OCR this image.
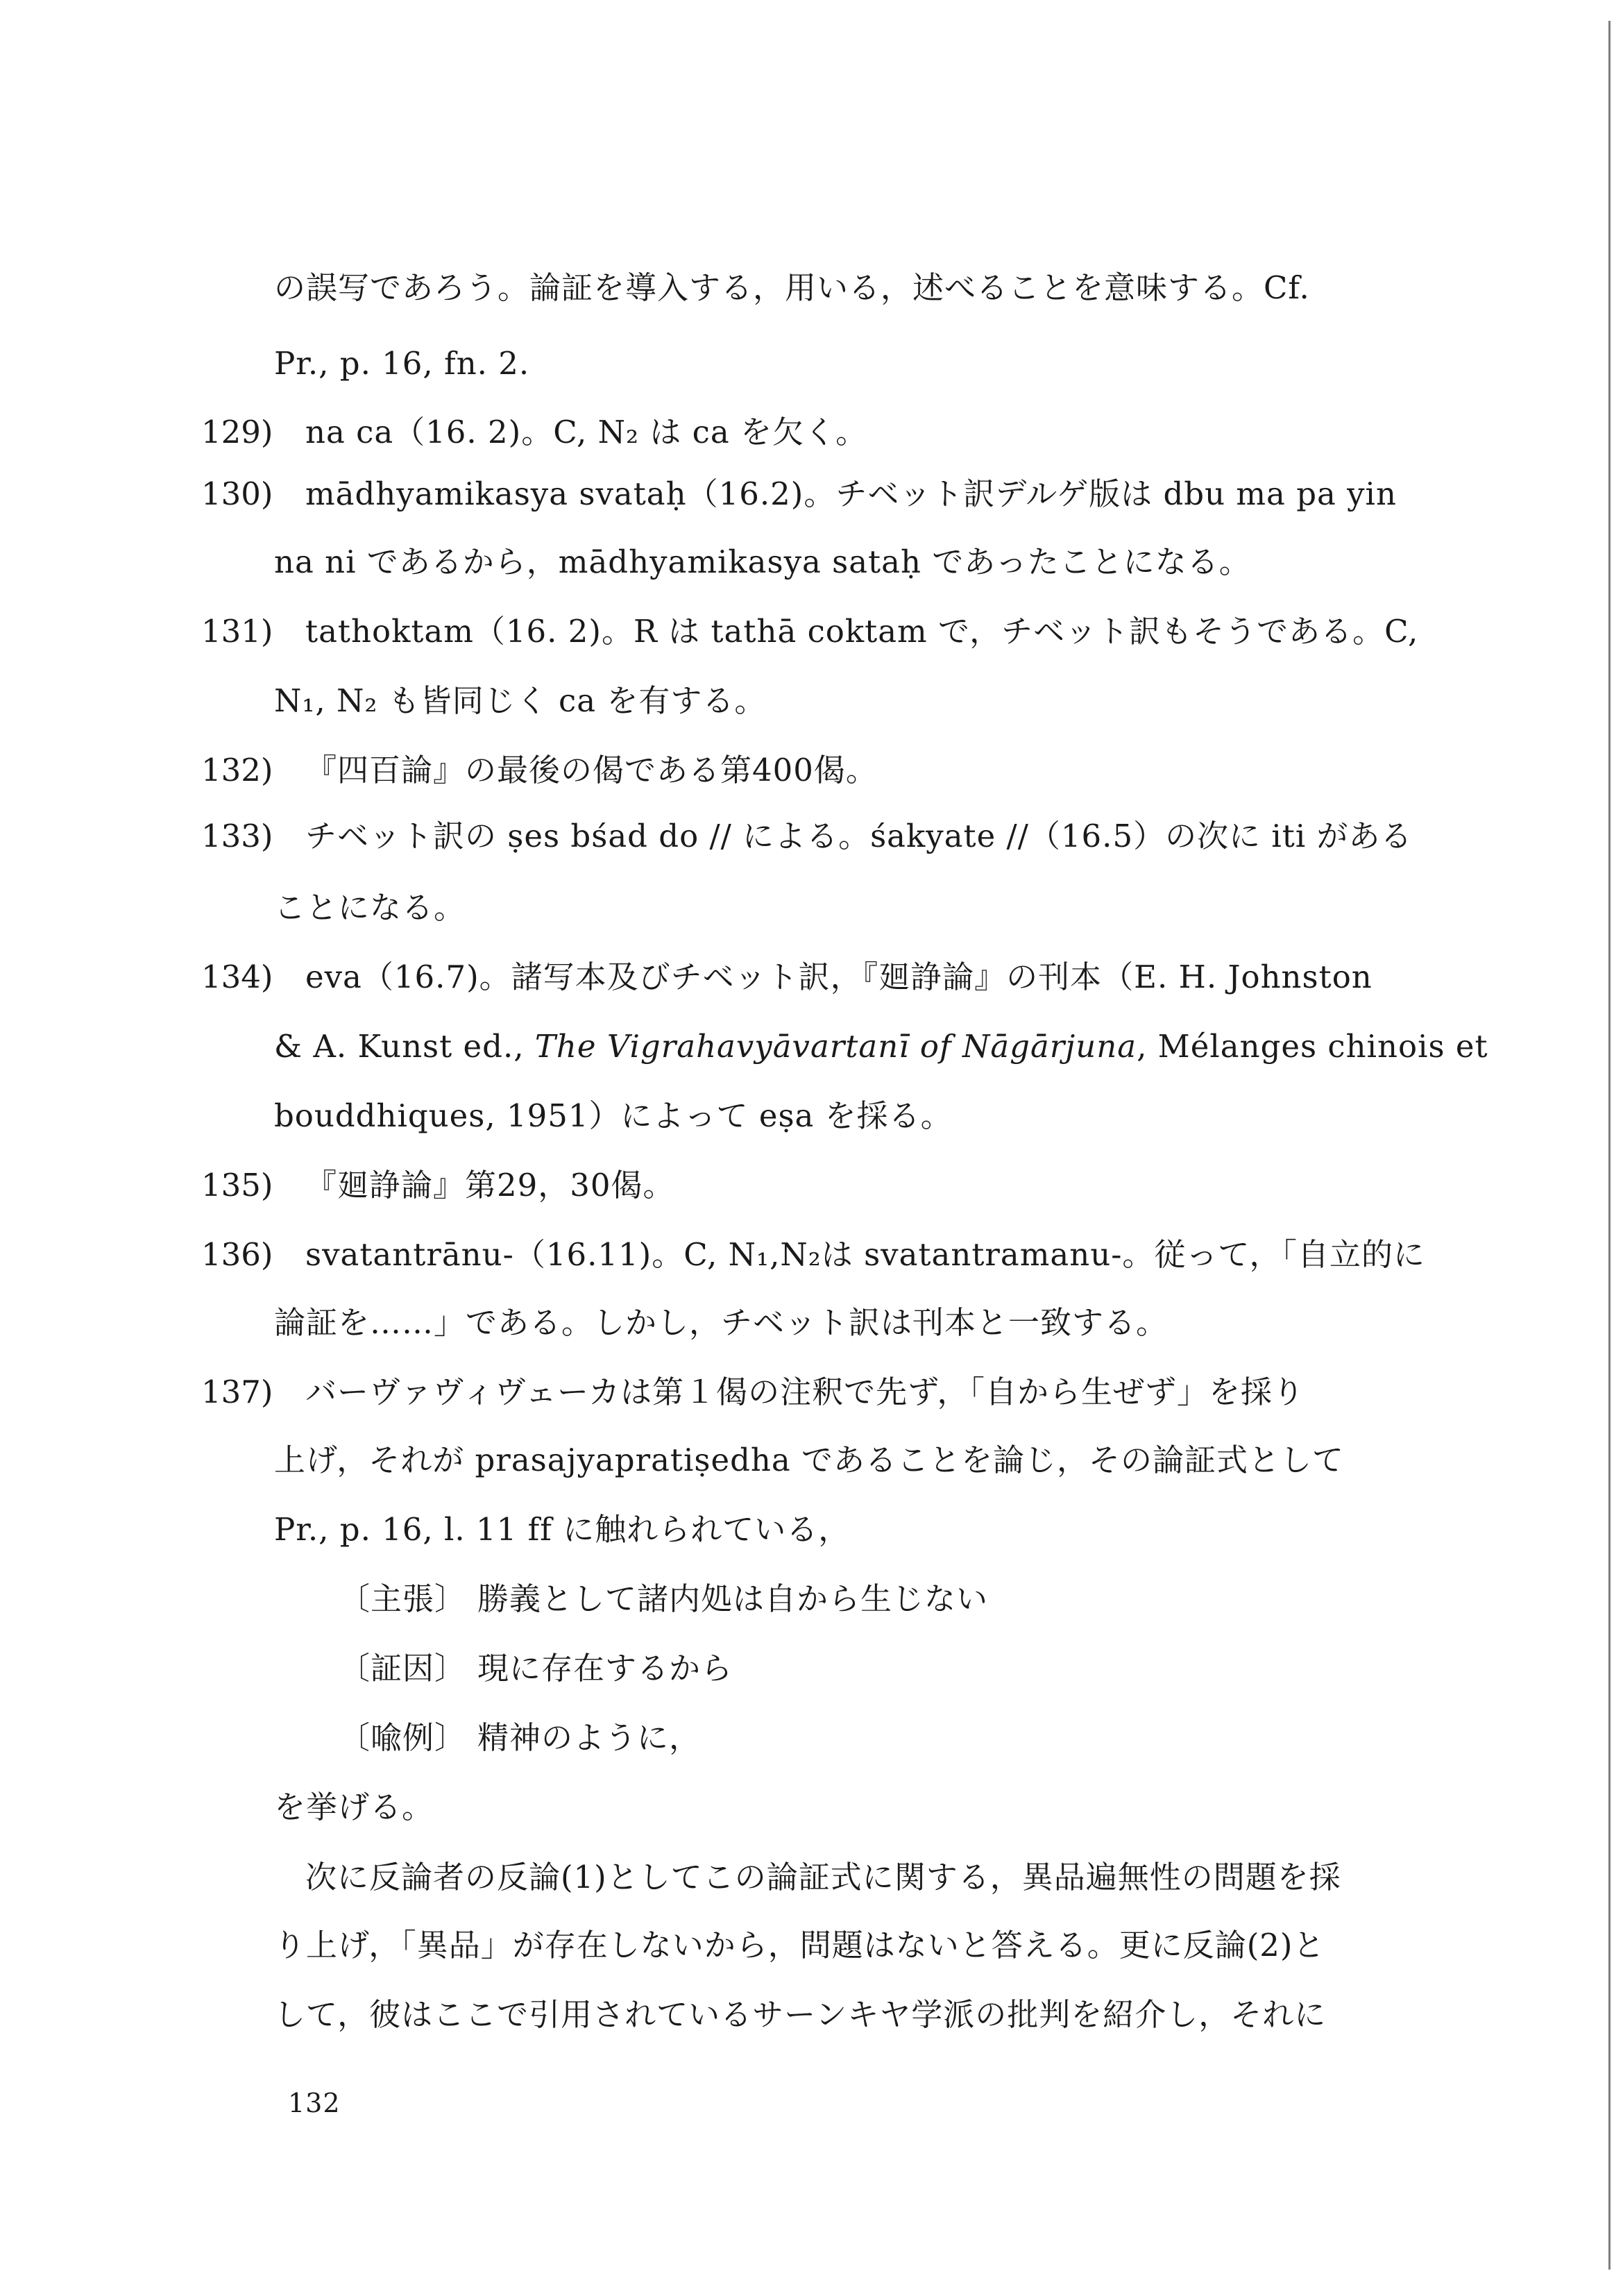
の誤写であろう。論証を導入する，用いる，述べることを意味する。Cf.
Pr., p. 16, fn. 2.
129) na ca（16. 2)。C, N₂ は ca を欠く。
130) mādhyamikasya svataḥ（16.2)。チベット訳デルゲ版は dbu ma pa yin
na ni であるから，mādhyamikasya sataḥ であったことになる。
131) tathoktam（16. 2)。R は tathā coktam で，チベット訳もそうである。C,
N₁, N₂ も皆同じく ca を有する。
132) 『四百論』の最後の偈である第400偈。
133) チベット訳の ṣes bśad do // による。śakyate //（16.5）の次に iti がある
ことになる。
134) eva（16.7)。諸写本及びチベット訳，『廻諍論』の刊本（E. H. Johnston
& A. Kunst ed., The Vigrahavyāvartanī of Nāgārjuna, Mélanges chinois et
bouddhiques, 1951）によって eṣa を採る。
135) 『廻諍論』第29，30偈。
136) svatantrānu-（16.11)。C, N₁,N₂は svatantramanu-。従って，「自立的に
論証を……」である。しかし，チベット訳は刊本と一致する。
137) バーヴァヴィヴェーカは第１偈の注釈で先ず，「自から生ぜず」を採り
上げ，それが prasajyapratiṣedha であることを論じ，その論証式として
Pr., p. 16, l. 11 ff に触れられている，
〔主張〕 勝義として諸内処は自から生じない
〔証因〕 現に存在するから
〔喩例〕 精神のように，
を挙げる。
次に反論者の反論(1)としてこの論証式に関する，異品遍無性の問題を採
り上げ，「異品」が存在しないから，問題はないと答える。更に反論(2)と
して，彼はここで引用されているサーンキヤ学派の批判を紹介し，それに
132
